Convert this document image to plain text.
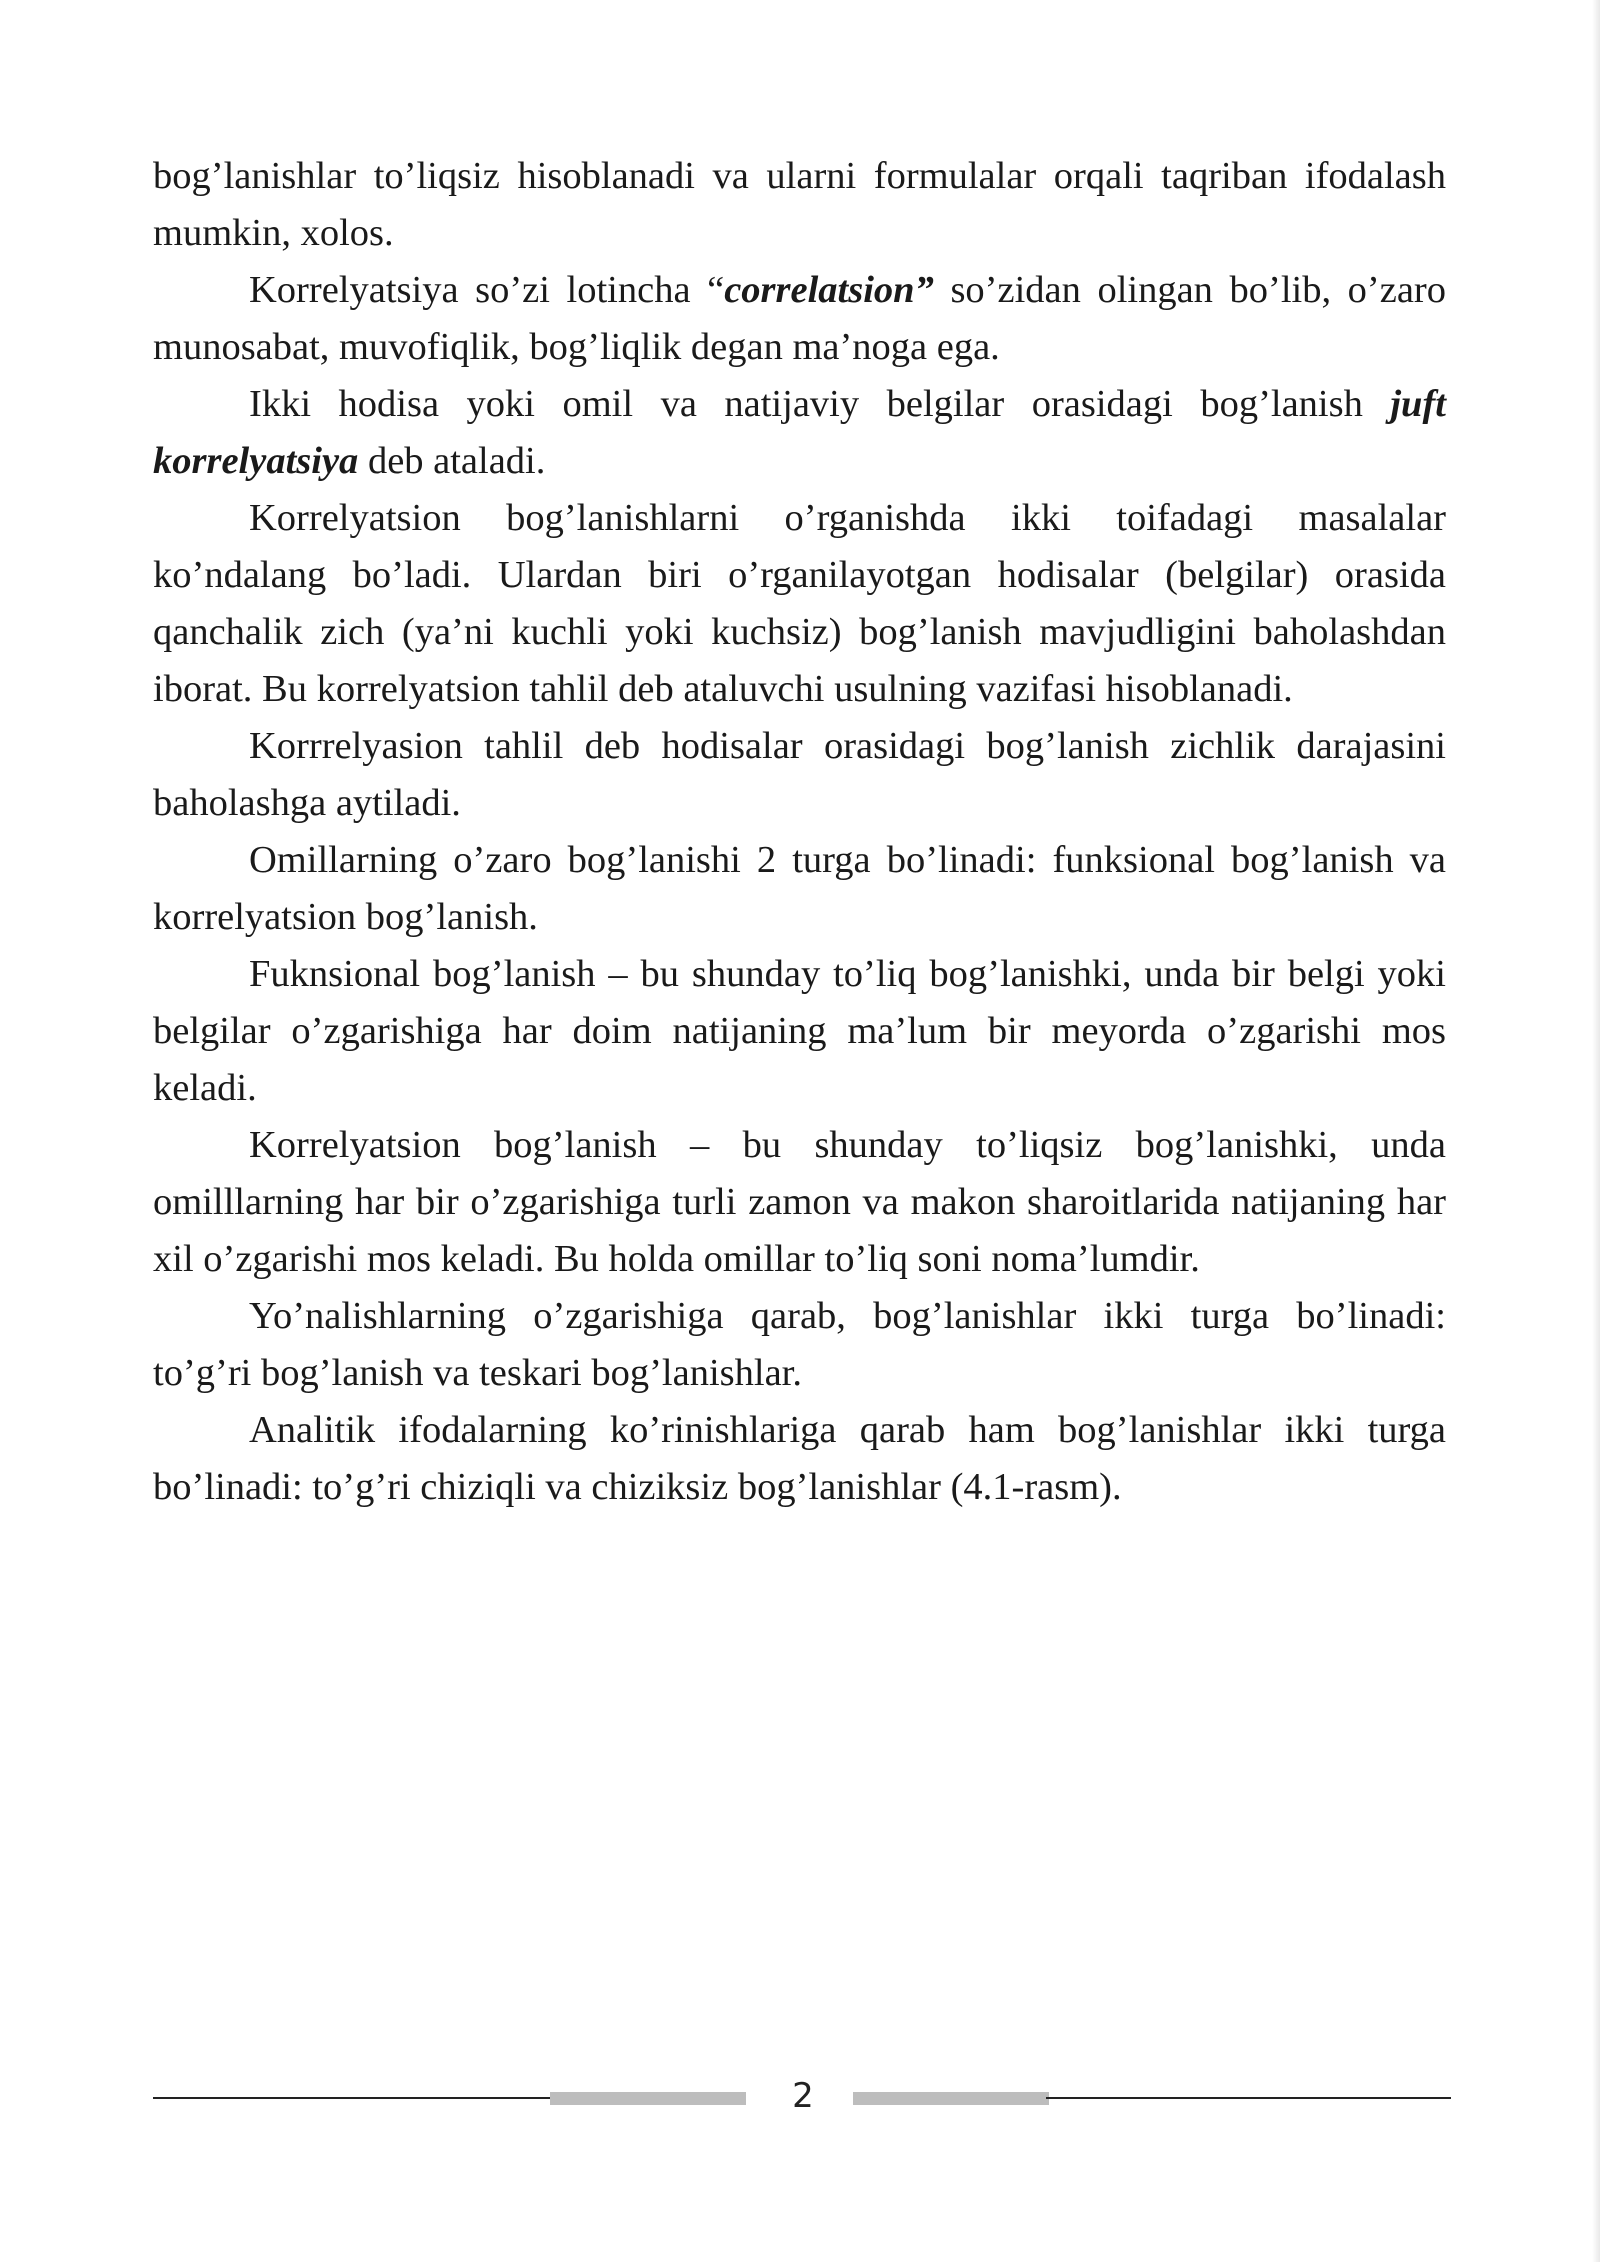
bog’lanishlar to’liqsiz hisoblanadi va ularni formulalar orqali taqriban ifodalash mumkin, xolos.

Korrelyatsiya so’zi lotincha “correlatsion” so’zidan olingan bo’lib, o’zaro munosabat, muvofiqlik, bog’liqlik degan ma’noga ega.

Ikki hodisa yoki omil va natijaviy belgilar orasidagi bog’lanish juft korrelyatsiya deb ataladi.

Korrelyatsion bog’lanishlarni o’rganishda ikki toifadagi masalalar ko’ndalang bo’ladi. Ulardan biri o’rganilayotgan hodisalar (belgilar) orasida qanchalik zich (ya’ni kuchli yoki kuchsiz) bog’lanish mavjudligini baholashdan iborat. Bu korrelyatsion tahlil deb ataluvchi usulning vazifasi hisoblanadi.

Korrrelyasion tahlil deb hodisalar orasidagi bog’lanish zichlik darajasini baholashga aytiladi.

Omillarning o’zaro bog’lanishi 2 turga bo’linadi: funksional bog’lanish va korrelyatsion bog’lanish.

Fuknsional bog’lanish – bu shunday to’liq bog’lanishki, unda bir belgi yoki belgilar o’zgarishiga har doim natijaning ma’lum bir meyorda o’zgarishi mos keladi.

Korrelyatsion bog’lanish – bu shunday to’liqsiz bog’lanishki, unda omilllarning har bir o’zgarishiga turli zamon va makon sharoitlarida natijaning har xil o’zgarishi mos keladi. Bu holda omillar to’liq soni noma’lumdir.

Yo’nalishlarning o’zgarishiga qarab, bog’lanishlar ikki turga bo’linadi: to’g’ri bog’lanish va teskari bog’lanishlar.

Analitik ifodalarning ko’rinishlariga qarab ham bog’lanishlar ikki turga bo’linadi: to’g’ri chiziqli va chiziksiz bog’lanishlar (4.1-rasm).

2
